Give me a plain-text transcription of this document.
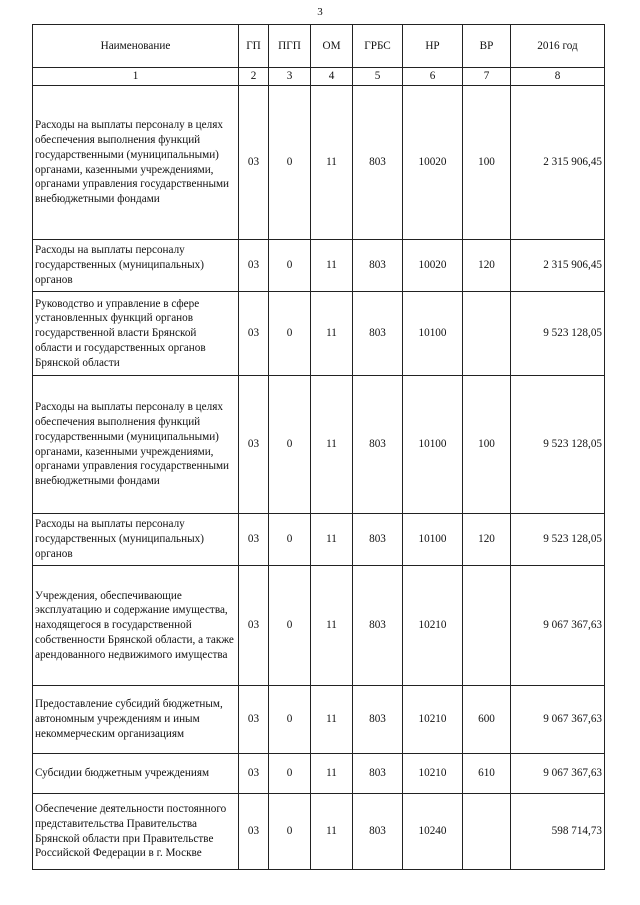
3
Наименование	ГП	ПГП	ОМ	ГРБС	НР	ВР	2016 год
1	2	3	4	5	6	7	8
Расходы на выплаты персоналу в целях обеспечения выполнения функций государственными (муниципальными) органами, казенными учреждениями, органами управления государственными внебюджетными фондами	03	0	11	803	10020	100	2 315 906,45
Расходы на выплаты персоналу государственных (муниципальных) органов	03	0	11	803	10020	120	2 315 906,45
Руководство и управление в сфере установленных функций органов государственной власти Брянской области и государственных органов Брянской области	03	0	11	803	10100		9 523 128,05
Расходы на выплаты персоналу в целях обеспечения выполнения функций государственными (муниципальными) органами, казенными учреждениями, органами управления государственными внебюджетными фондами	03	0	11	803	10100	100	9 523 128,05
Расходы на выплаты персоналу государственных (муниципальных) органов	03	0	11	803	10100	120	9 523 128,05
Учреждения, обеспечивающие эксплуатацию и содержание имущества, находящегося в государственной собственности Брянской области, а также арендованного недвижимого имущества	03	0	11	803	10210		9 067 367,63
Предоставление субсидий бюджетным, автономным учреждениям и иным некоммерческим организациям	03	0	11	803	10210	600	9 067 367,63
Субсидии бюджетным учреждениям	03	0	11	803	10210	610	9 067 367,63
Обеспечение деятельности постоянного представительства Правительства Брянской области при Правительстве Российской Федерации в г. Москве	03	0	11	803	10240		598 714,73
